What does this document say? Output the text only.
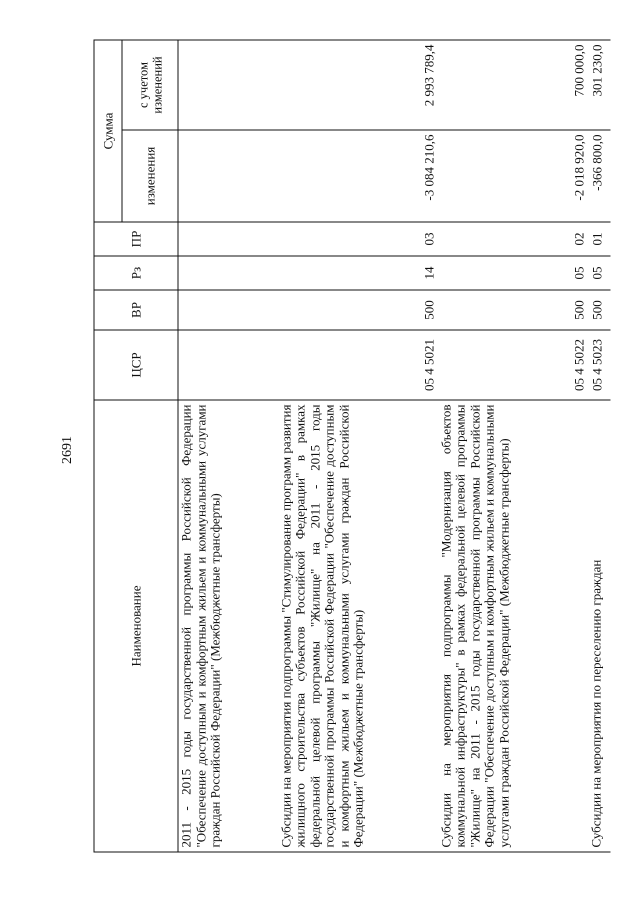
2691
Наименование	ЦСР	ВР	Рз	ПР	Сумма	
					изменения	с учетом изменений
2011 - 2015 годы государственной программы Российской Федерации "Обеспечение доступным и комфортным жильем и коммунальными услугами граждан Российской Федерации" (Межбюджетные трансферты)						
Субсидии на мероприятия подпрограммы "Стимулирование программ развития жилищного строительства субъектов Российской Федерации" в рамках федеральной целевой программы "Жилище" на 2011 - 2015 годы государственной программы Российской Федерации "Обеспечение доступным и комфортным жильем и коммунальными услугами граждан Российской Федерации" (Межбюджетные трансферты)	05 4 5021	500	14	03	-3 084 210,6	2 993 789,4
Субсидии на мероприятия подпрограммы "Модернизация объектов коммунальной инфраструктуры" в рамках федеральной целевой программы "Жилище" на 2011 - 2015 годы государственной программы Российской Федерации "Обеспечение доступным и комфортным жильем и коммунальными услугами граждан Российской Федерации" (Межбюджетные трансферты)	05 4 5022	500	05	02	-2 018 920,0	700 000,0
Субсидии на мероприятия по переселению граждан	05 4 5023	500	05	01	-366 800,0	301 230,0
